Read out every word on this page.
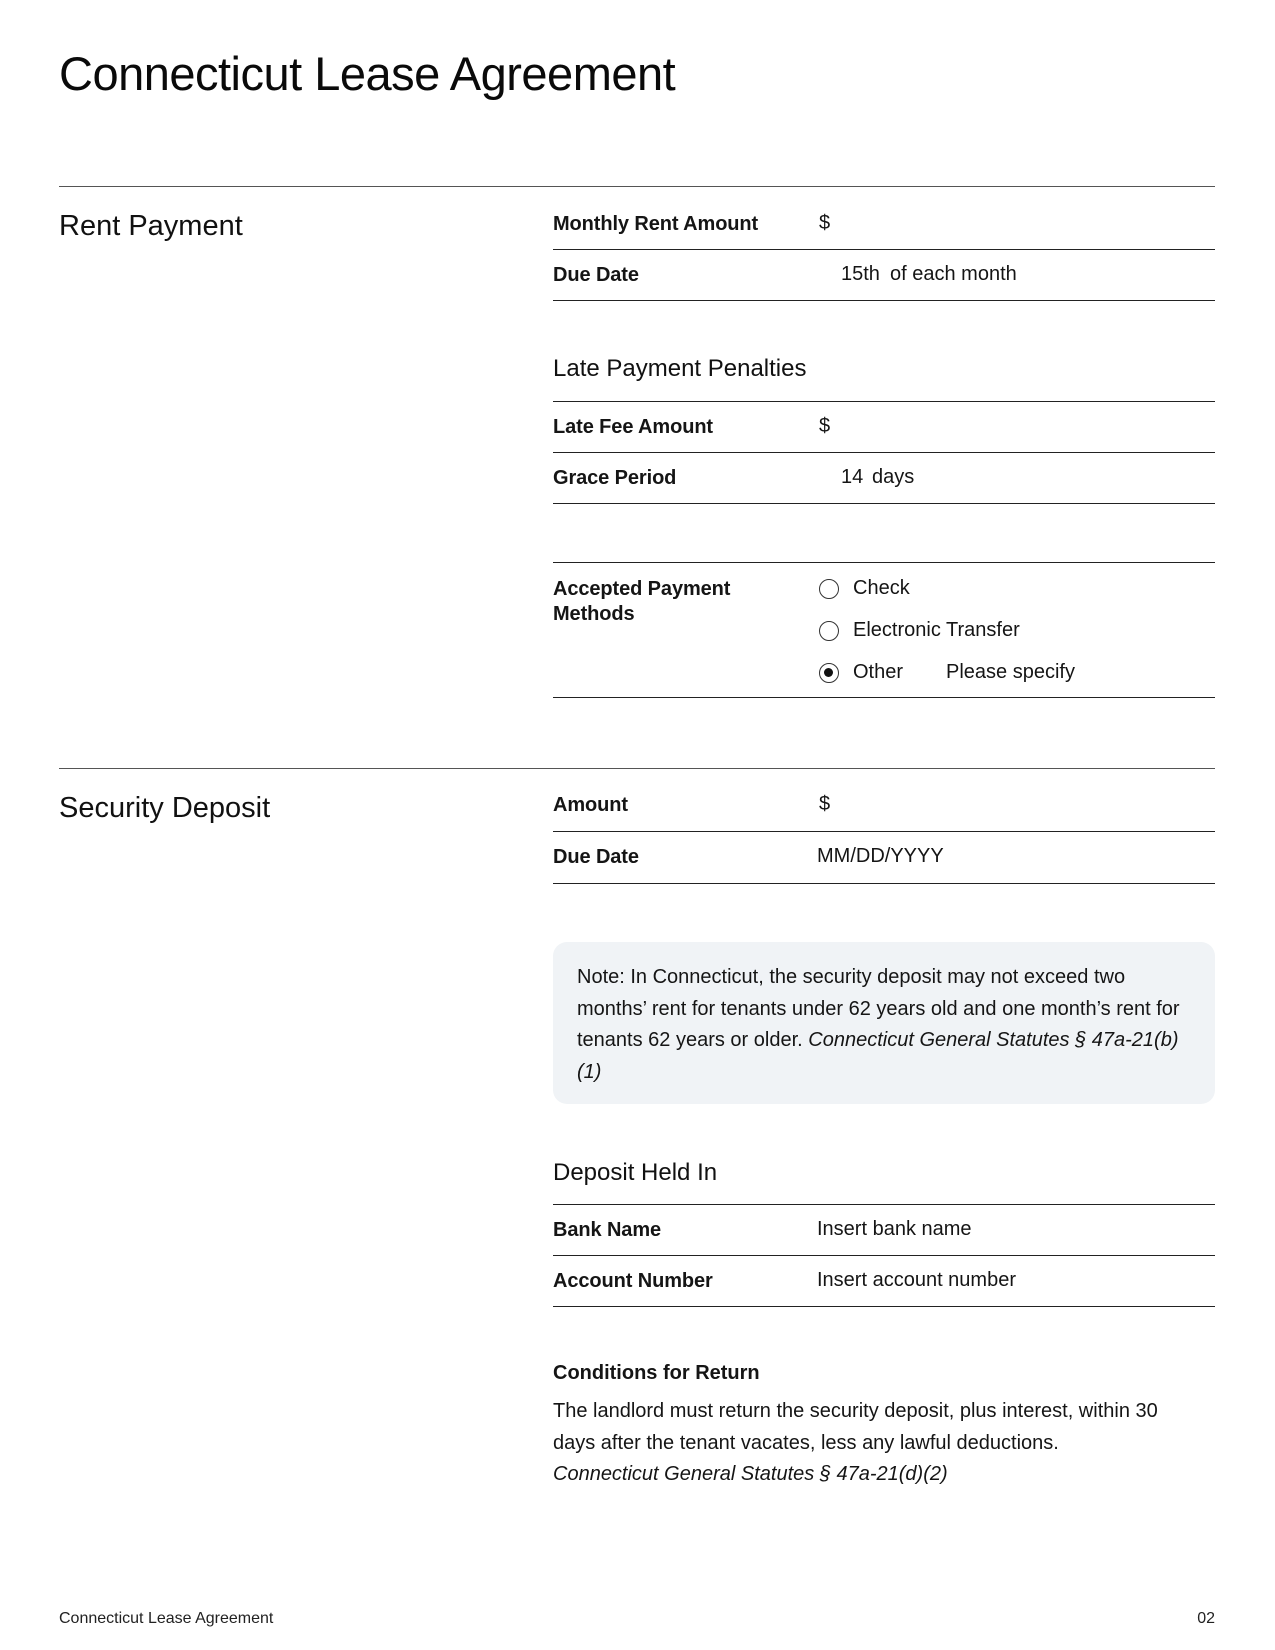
Connecticut Lease Agreement
Rent Payment	Monthly Rent Amount	$
Due Date	15th of each month
Late Payment Penalties
Late Fee Amount	$
Grace Period	14 days
Accepted Payment Methods
Check
Electronic Transfer
Other Please specify
Security Deposit	Amount	$
Due Date	MM/DD/YYYY
Note: In Connecticut, the security deposit may not exceed two months’ rent for tenants under 62 years old and one month’s rent for tenants 62 years or older. Connecticut General Statutes § 47a-21(b)(1)
Deposit Held In
Bank Name	Insert bank name
Account Number	Insert account number
Conditions for Return
The landlord must return the security deposit, plus interest, within 30 days after the tenant vacates, less any lawful deductions.
Connecticut General Statutes § 47a-21(d)(2)
Connecticut Lease Agreement	02
